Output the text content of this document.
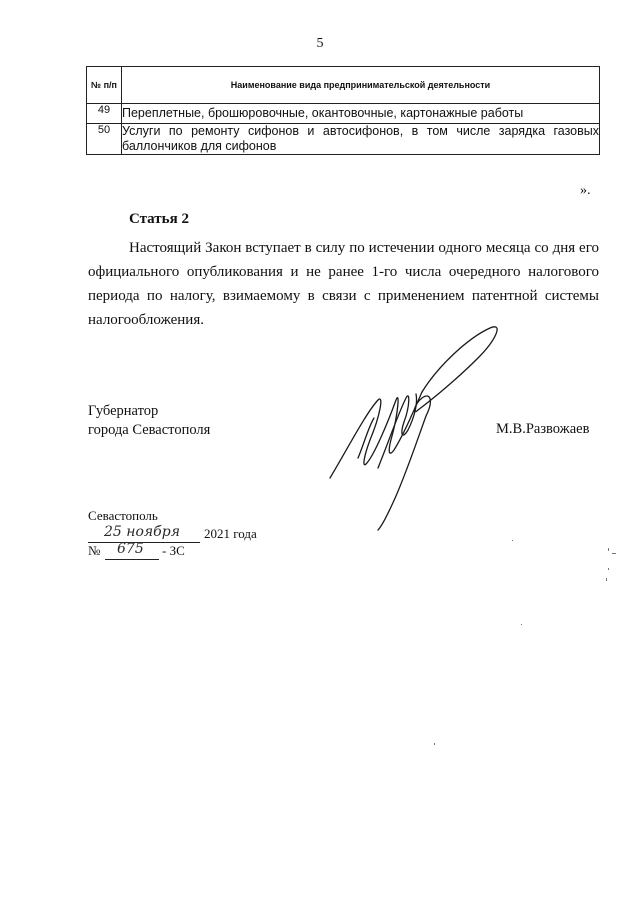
5
№ п/п	Наименование вида предпринимательской деятельности
49	Переплетные, брошюровочные, окантовочные, картонажные работы
50	Услуги по ремонту сифонов и автосифонов, в том числе зарядка газовых баллончиков для сифонов
».
Статья 2

Настоящий Закон вступает в силу по истечении одного месяца со дня его официального опубликования и не ранее 1-го числа очередного налогового периода по налогу, взимаемому в связи с применением патентной системы налогообложения.

Губернатор
города Севастополя	М.В.Развожаев
Севастополь
25 ноября 2021 года
№ 675 - ЗС
